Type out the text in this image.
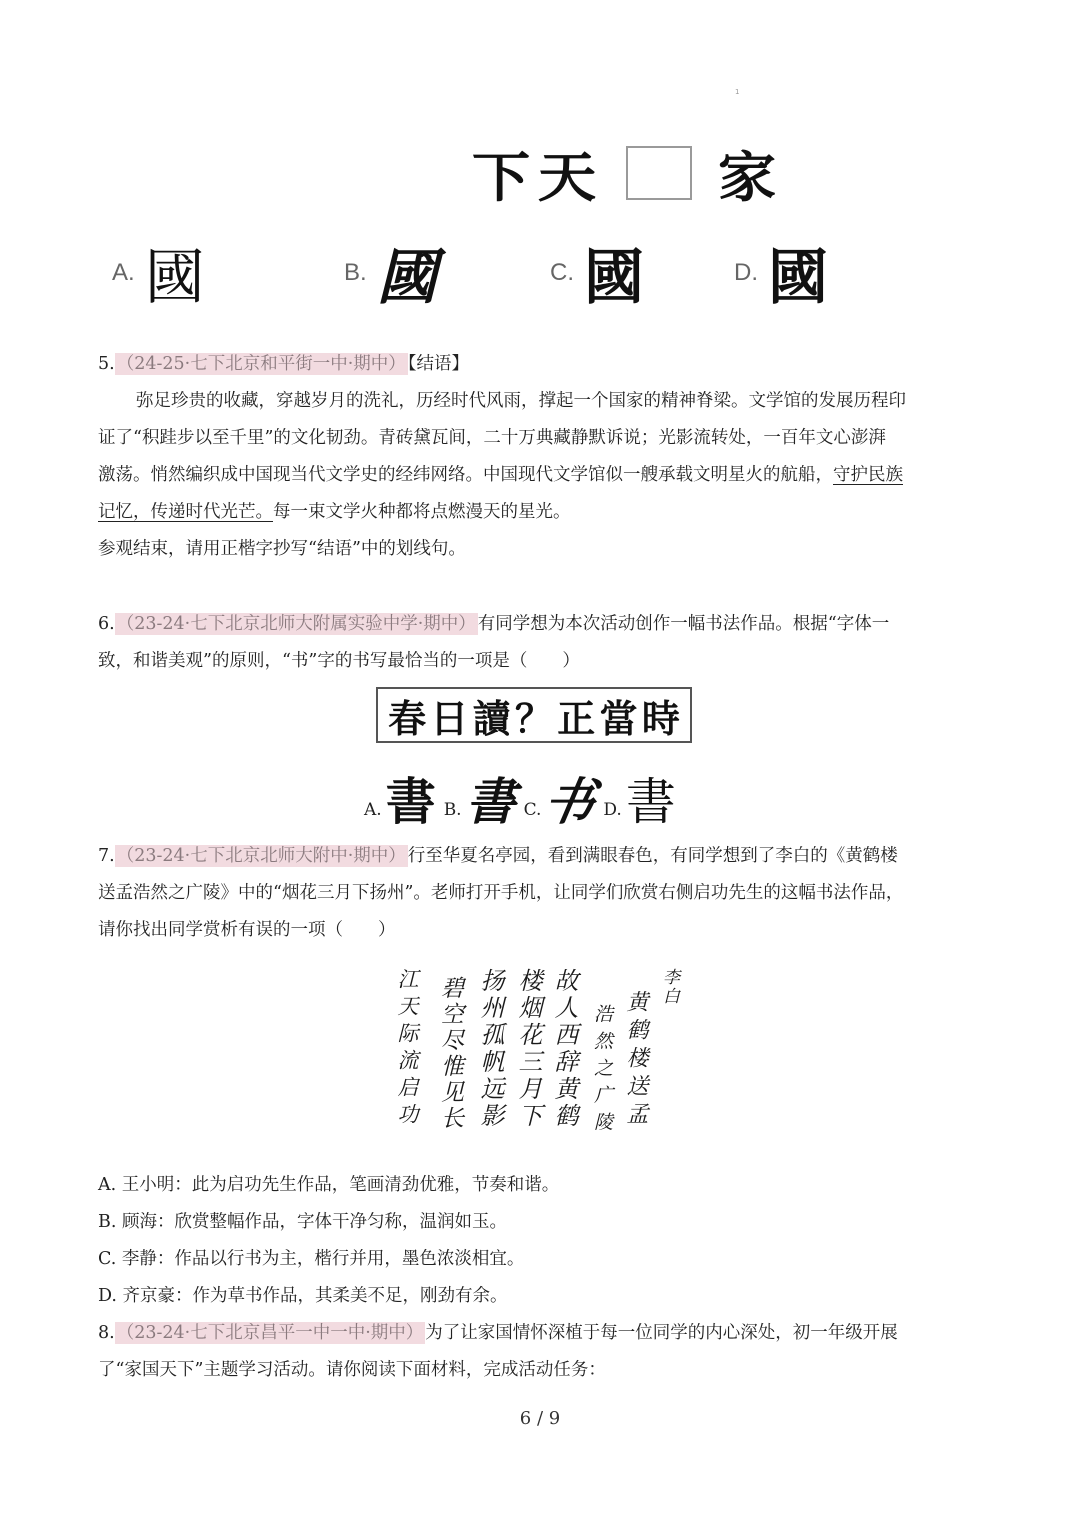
1
下 天 家
A. 國	B. 國	C. 國	D. 國
5. （24-25·七下北京和平街一中·期中） 【结语】
弥足珍贵的收藏，穿越岁月的洗礼，历经时代风雨，撑起一个国家的精神脊梁。文学馆的发展历程印
证了“积跬步以至千里”的文化韧劲。青砖黛瓦间，二十万典藏静默诉说；光影流转处，一百年文心澎湃
激荡。悄然编织成中国现当代文学史的经纬网络。中国现代文学馆似一艘承载文明星火的航船，守护民族
记忆，传递时代光芒。每一束文学火种都将点燃漫天的星光。
参观结束，请用正楷字抄写“结语”中的划线句。
6. （23-24·七下北京北师大附属实验中学·期中） 有同学想为本次活动创作一幅书法作品。根据“字体一
致，和谐美观”的原则，“书”字的书写最恰当的一项是（　　）
春 日 讀 ？ 正 當 時
A. 書 B. 書 C.
书 D. 書
7. （23-24·七下北京北师大附中·期中） 行至华夏名亭园，看到满眼春色，有同学想到了李白的《黄鹤楼
送孟浩然之广陵》中的“烟花三月下扬州”。老师打开手机，让同学们欣赏右侧启功先生的这幅书法作品，
请你找出同学赏析有误的一项（　　）
李白
黄鹤楼送孟
浩然之广陵
故人西辞黄鹤
楼烟花三月下
扬州孤帆远影
碧空尽惟见长
江天际流启功
A. 王小明：此为启功先生作品，笔画清劲优雅，节奏和谐。
B. 顾海：欣赏整幅作品，字体干净匀称，温润如玉。
C. 李静：作品以行书为主，楷行并用，墨色浓淡相宜。
D. 齐京豪：作为草书作品，其柔美不足，刚劲有余。
8. （23-24·七下北京昌平一中一中·期中） 为了让家国情怀深植于每一位同学的内心深处，初一年级开展
了“家国天下”主题学习活动。请你阅读下面材料，完成活动任务：
6 / 9
